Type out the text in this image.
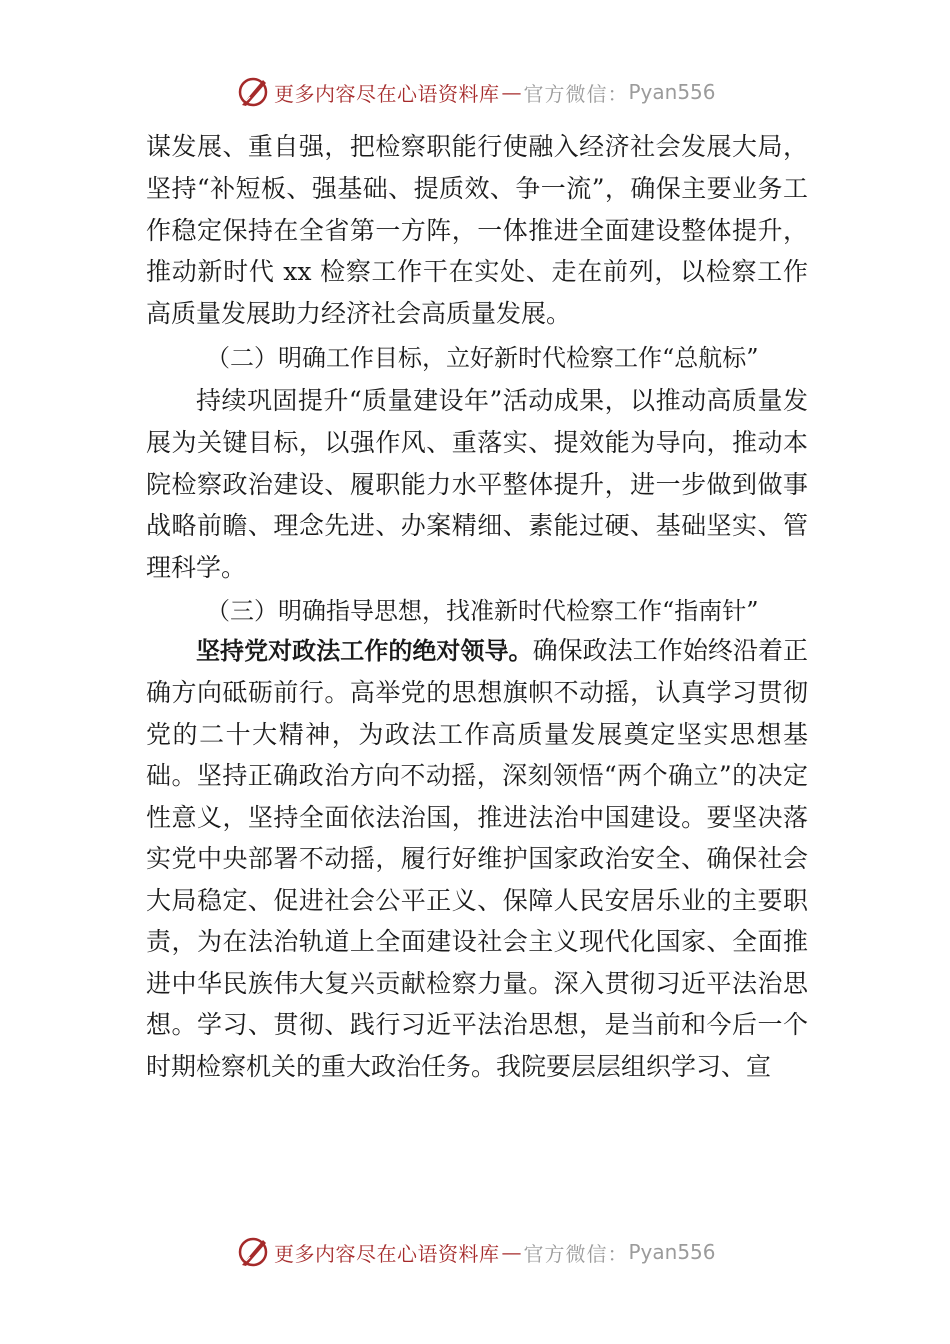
更多内容尽在心语资料库 — 官方微信： Pyan556

谋发展、重自强，把检察职能行使融入经济社会发展大局，坚持“补短板、强基础、提质效、争一流”，确保主要业务工作稳定保持在全省第一方阵，一体推进全面建设整体提升，推动新时代 xx 检察工作干在实处、走在前列，以检察工作高质量发展助力经济社会高质量发展。

（二）明确工作目标，立好新时代检察工作“总航标”

持续巩固提升“质量建设年”活动成果，以推动高质量发展为关键目标，以强作风、重落实、提效能为导向，推动本院检察政治建设、履职能力水平整体提升，进一步做到做事战略前瞻、理念先进、办案精细、素能过硬、基础坚实、管理科学。

（三）明确指导思想，找准新时代检察工作“指南针”

坚持党对政法工作的绝对领导。确保政法工作始终沿着正确方向砥砺前行。高举党的思想旗帜不动摇，认真学习贯彻党的二十大精神，为政法工作高质量发展奠定坚实思想基础。坚持正确政治方向不动摇，深刻领悟“两个确立”的决定性意义，坚持全面依法治国，推进法治中国建设。要坚决落实党中央部署不动摇，履行好维护国家政治安全、确保社会大局稳定、促进社会公平正义、保障人民安居乐业的主要职责，为在法治轨道上全面建设社会主义现代化国家、全面推进中华民族伟大复兴贡献检察力量。深入贯彻习近平法治思想。学习、贯彻、践行习近平法治思想，是当前和今后一个时期检察机关的重大政治任务。我院要层层组织学习、宣

更多内容尽在心语资料库 — 官方微信： Pyan556
